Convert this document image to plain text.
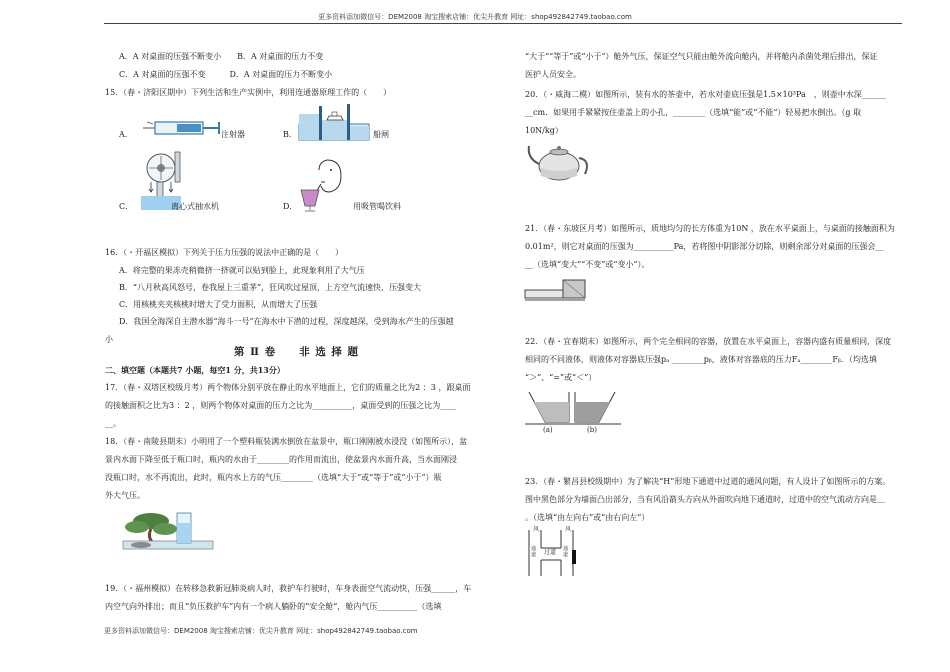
更多资料添加微信号：DEM2008 淘宝搜索店铺：优尖升教育 网址：shop492842749.taobao.com
A．A 对桌面的压强不断变小　　B．A 对桌面的压力不变
C．A 对桌面的压强不变　　　D．A 对桌面的压力不断变小
15．（春・济阳区期中）下列生活和生产实例中，利用连通器原理工作的（　　）
A．	注射器	B．	船闸
C．	离心式抽水机	D．	用吸管喝饮料
16．（・开福区模拟）下列关于压力压强的说法中正确的是（　　）
A．将完整的果冻壳稍微挤一挤就可以贴到脸上，此现象利用了大气压
B．“八月秋高风怒号，卷我屋上三重茅”，狂风吹过屋顶，上方空气流速快，压强变大
C．用核桃夹夹核桃时增大了受力面积，从而增大了压强
D．我国全海深自主潜水器“海斗一号”在海水中下潜的过程，深度越深，受到海水产生的压强越
小
第 Ⅱ 卷　　非 选 择 题
二、填空题（本题共7 小题，每空1 分，共13分）
17．（春・双塔区校级月考）两个物体分别平放在静止的水平地面上，它们的质量之比为2 ：3 ，跟桌面
的接触面积之比为3 ：2 ，则两个物体对桌面的压力之比为__________，桌面受到的压强之比为____
__。
18．（春・南陵县期末）小明用了一个塑料瓶装满水倒放在盆景中，瓶口刚刚被水浸没（如图所示），盆
景内水面下降至低于瓶口时，瓶内的水由于________的作用而流出，使盆景内水面升高，当水面刚浸
没瓶口时，水不再流出，此时，瓶内水上方的气压________（选填“大于”或“等于”或“小于”）瓶
外大气压。
19．（・福州模拟）在转移急救新冠肺炎病人时，救护车行驶时，车身表面空气流动快，压强______，车
内空气向外排出；而且“负压救护车”内有一个病人躺卧的“安全舱”，舱内气压__________（选填
“大于”“等于”或“小于”）舱外气压，保证空气只能由舱外流向舱内，并将舱内杀菌处理后排出，保证
医护人员安全。
20．（・威海二模）如图所示，装有水的茶壶中，若水对壶底压强是1.5×10³Pa　，则壶中水深______
__cm．如果用手紧紧按住壶盖上的小孔，________（选填“能”或“不能”）轻易把水倒出。（g 取
10N/kg）
21．（春・东坡区月考）如图所示，质地均匀的长方体重为10N ，放在水平桌面上，与桌面的接触面积为
0.01m²，则它对桌面的压强为__________Pa，若将图中阴影部分切除，则剩余部分对桌面的压强会__
__（选填“变大”“不变”或“变小”）。
22．（春・宜春期末）如图所示，两个完全相同的容器，放置在水平桌面上，容器内盛有质量相同，深度
相同的不同液体，则液体对容器底压强pₐ ________pᵦ，液体对容器底的压力Fₐ________Fᵦ．（均选填
“＞”、“=”或“＜”）
(a)	(b)
23．（春・繁昌县校级期中）为了解决“H”形地下通道中过道的通风问题，有人设计了如图所示的方案。
图中黑色部分为墙面凸出部分，当有风沿箭头方向从外面吹向地下通道时，过道中的空气流动方向是＿
。（选填“由左向右”或“由右向左”）
风	风
过道
通道
通道
更多资料添加微信号：DEM2008 淘宝搜索店铺：优尖升教育 网址：shop492842749.taobao.com
